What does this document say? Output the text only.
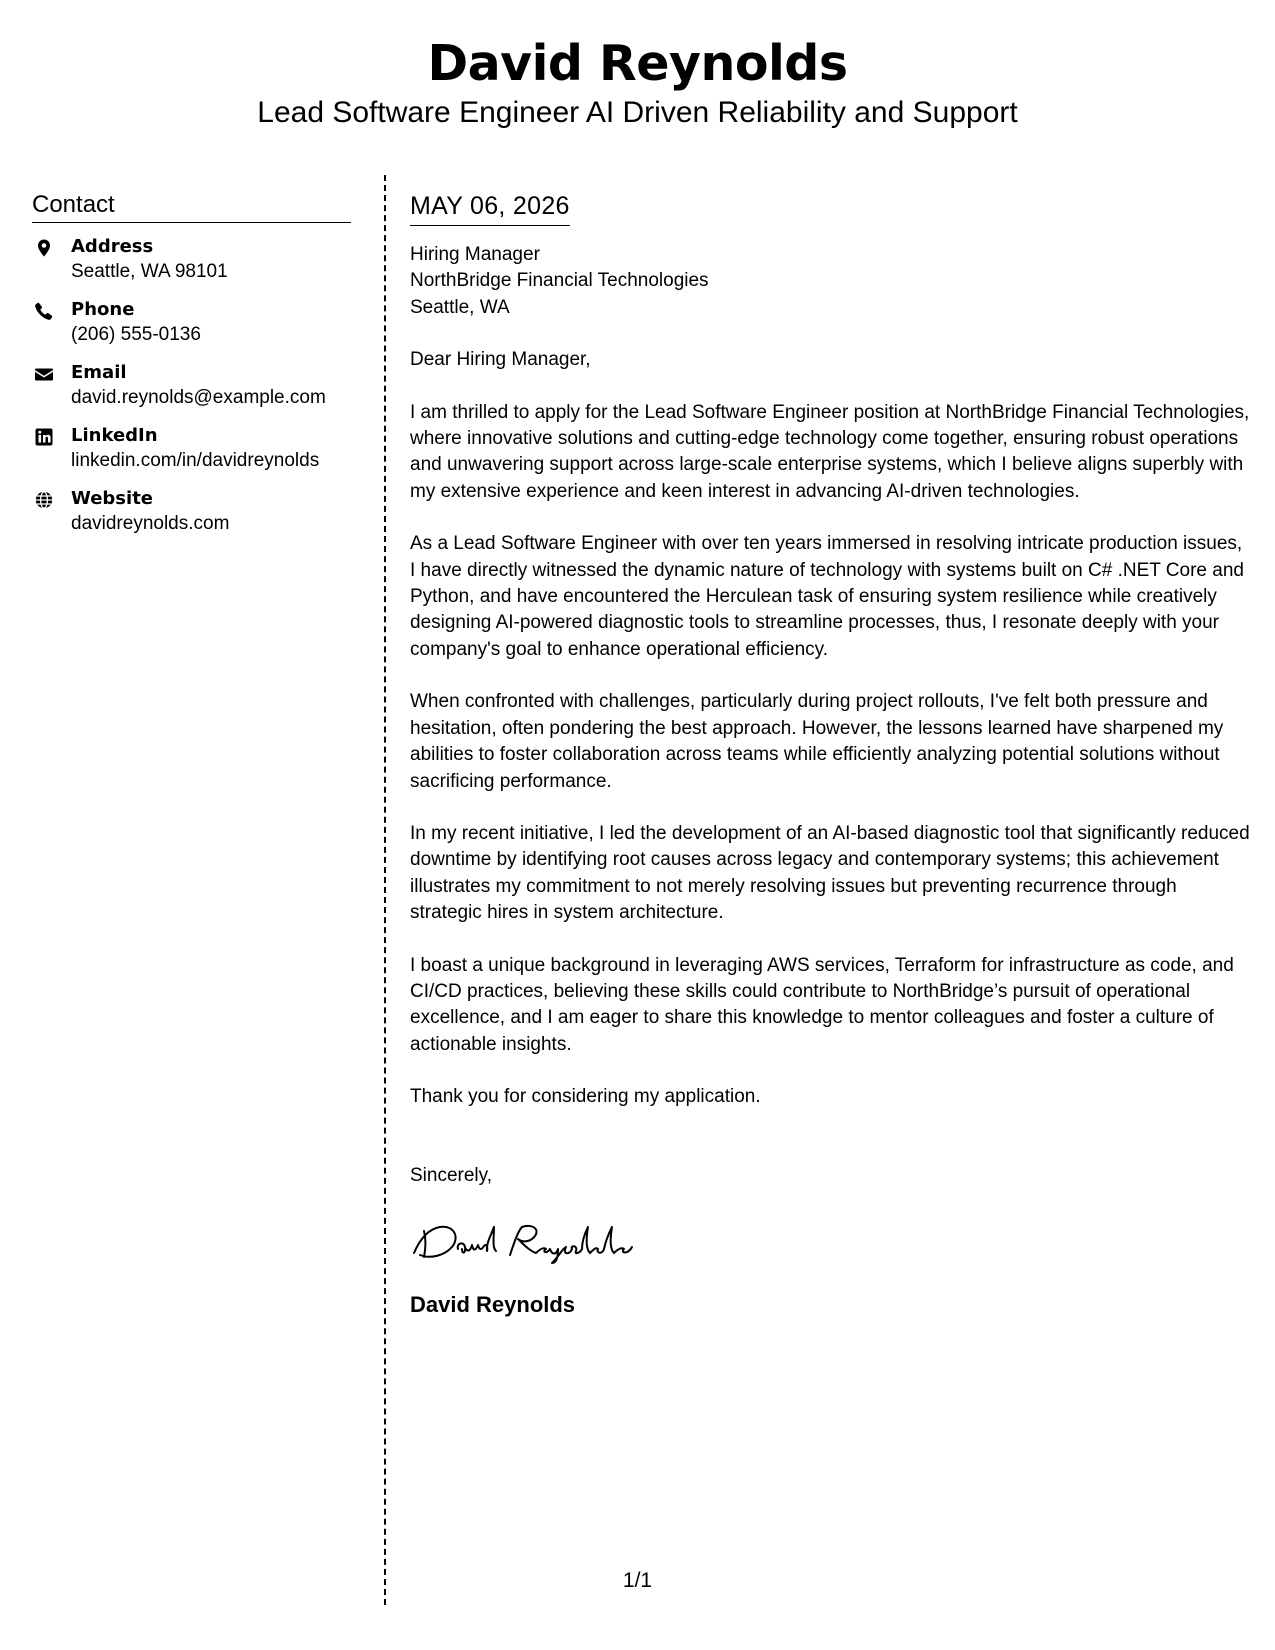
David Reynolds
Lead Software Engineer AI Driven Reliability and Support
Contact
Address
Seattle, WA 98101
Phone
(206) 555-0136
Email
david.reynolds@example.com
LinkedIn
linkedin.com/in/davidreynolds
Website
davidreynolds.com
MAY 06, 2026
Hiring Manager
NorthBridge Financial Technologies
Seattle, WA
Dear Hiring Manager,
I am thrilled to apply for the Lead Software Engineer position at NorthBridge Financial Technologies, where innovative solutions and cutting-edge technology come together, ensuring robust operations and unwavering support across large-scale enterprise systems, which I believe aligns superbly with my extensive experience and keen interest in advancing AI-driven technologies.
As a Lead Software Engineer with over ten years immersed in resolving intricate production issues, I have directly witnessed the dynamic nature of technology with systems built on C# .NET Core and Python, and have encountered the Herculean task of ensuring system resilience while creatively designing AI-powered diagnostic tools to streamline processes, thus, I resonate deeply with your company's goal to enhance operational efficiency.
When confronted with challenges, particularly during project rollouts, I've felt both pressure and hesitation, often pondering the best approach. However, the lessons learned have sharpened my abilities to foster collaboration across teams while efficiently analyzing potential solutions without sacrificing performance.
In my recent initiative, I led the development of an AI-based diagnostic tool that significantly reduced downtime by identifying root causes across legacy and contemporary systems; this achievement illustrates my commitment to not merely resolving issues but preventing recurrence through strategic hires in system architecture.
I boast a unique background in leveraging AWS services, Terraform for infrastructure as code, and CI/CD practices, believing these skills could contribute to NorthBridge’s pursuit of operational excellence, and I am eager to share this knowledge to mentor colleagues and foster a culture of actionable insights.
Thank you for considering my application.
Sincerely,
David Reynolds
1/1
